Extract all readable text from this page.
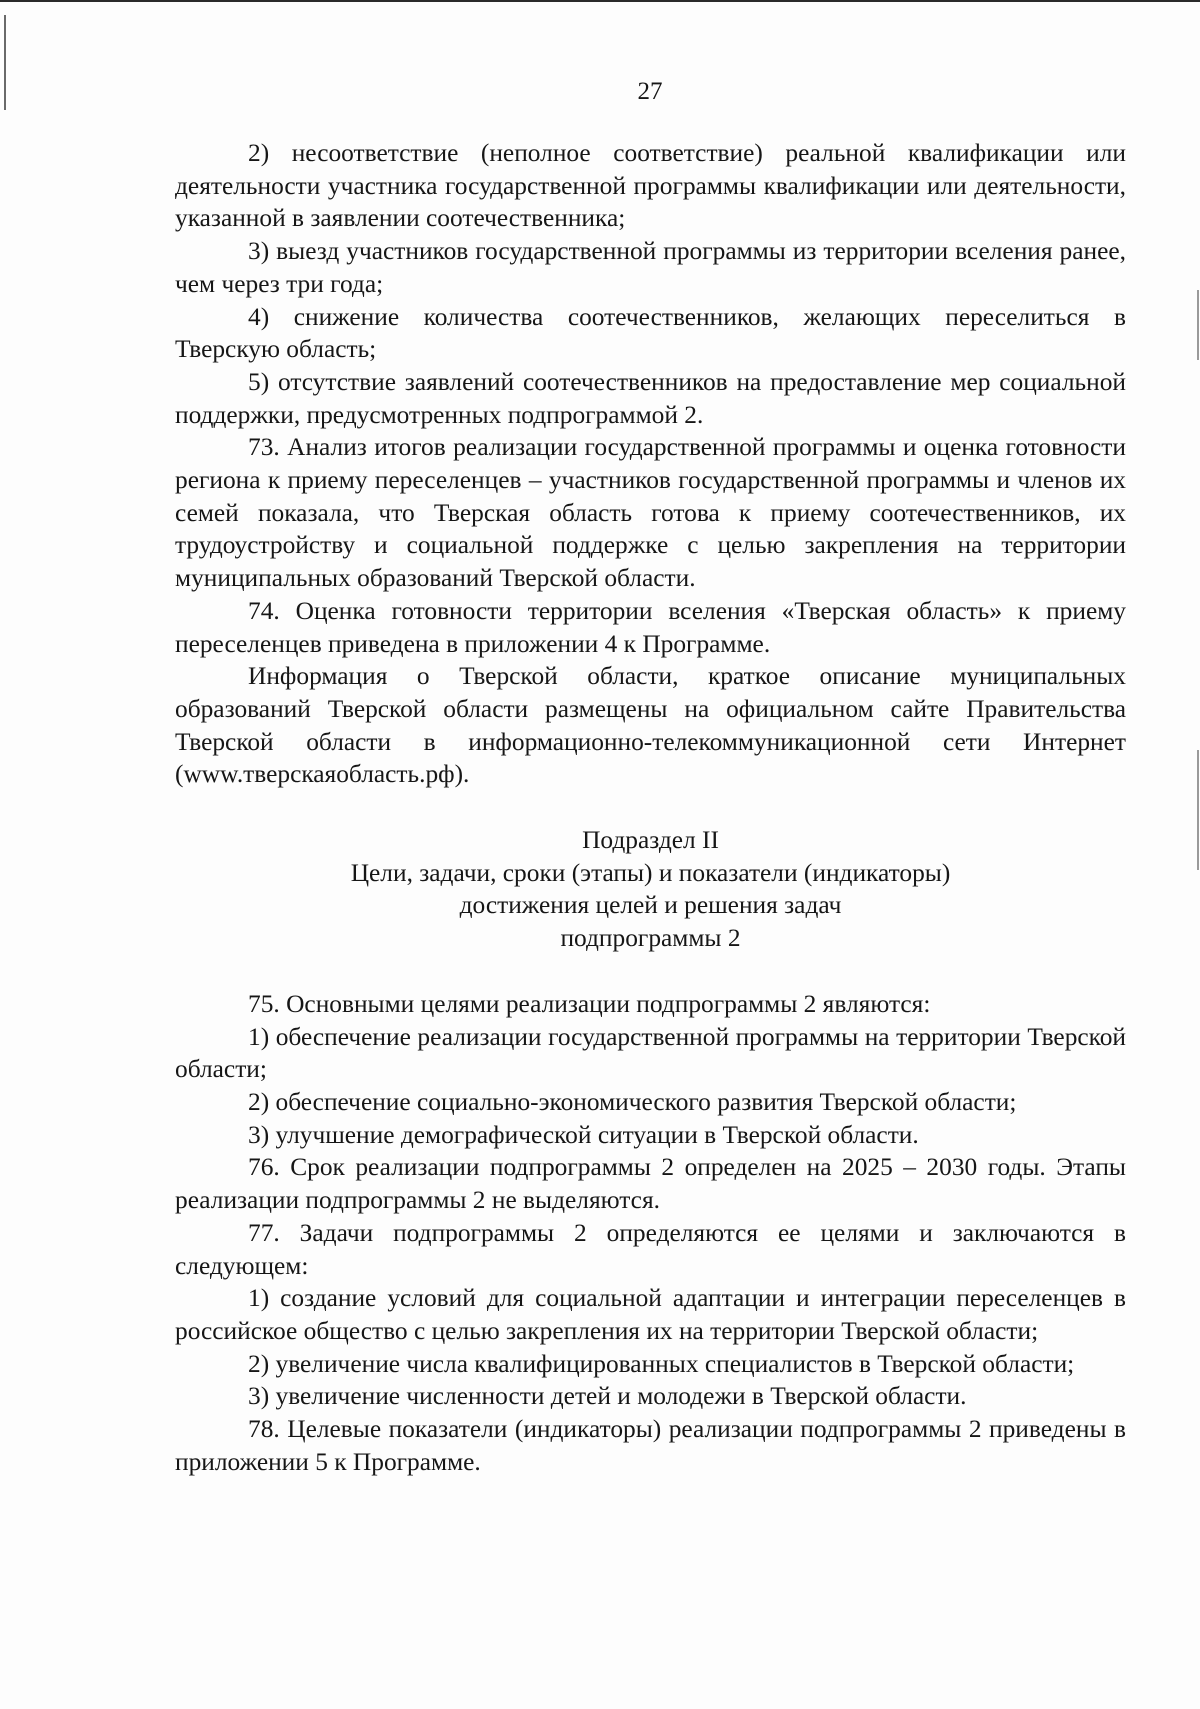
27

2) несоответствие (неполное соответствие) реальной квалификации или деятельности участника государственной программы квалификации или деятельности, указанной в заявлении соотечественника;

3) выезд участников государственной программы из территории вселения ранее, чем через три года;

4) снижение количества соотечественников, желающих переселиться в Тверскую область;

5) отсутствие заявлений соотечественников на предоставление мер социальной поддержки, предусмотренных подпрограммой 2.

73. Анализ итогов реализации государственной программы и оценка готовности региона к приему переселенцев – участников государственной программы и членов их семей показала, что Тверская область готова к приему соотечественников, их трудоустройству и социальной поддержке с целью закрепления на территории муниципальных образований Тверской области.

74. Оценка готовности территории вселения «Тверская область» к приему переселенцев приведена в приложении 4 к Программе.

Информация о Тверской области, краткое описание муниципальных образований Тверской области размещены на официальном сайте Правительства Тверской области в информационно-телекоммуникационной сети Интернет (www.тверскаяобласть.рф).

Подраздел II

Цели, задачи, сроки (этапы) и показатели (индикаторы)

достижения целей и решения задач

подпрограммы 2

75. Основными целями реализации подпрограммы 2 являются:

1) обеспечение реализации государственной программы на территории Тверской области;

2) обеспечение социально-экономического развития Тверской области;

3) улучшение демографической ситуации в Тверской области.

76. Срок реализации подпрограммы 2 определен на 2025 – 2030 годы. Этапы реализации подпрограммы 2 не выделяются.

77. Задачи подпрограммы 2 определяются ее целями и заключаются в следующем:

1) создание условий для социальной адаптации и интеграции переселенцев в российское общество с целью закрепления их на территории Тверской области;

2) увеличение числа квалифицированных специалистов в Тверской области;

3) увеличение численности детей и молодежи в Тверской области.

78. Целевые показатели (индикаторы) реализации подпрограммы 2 приведены в приложении 5 к Программе.
